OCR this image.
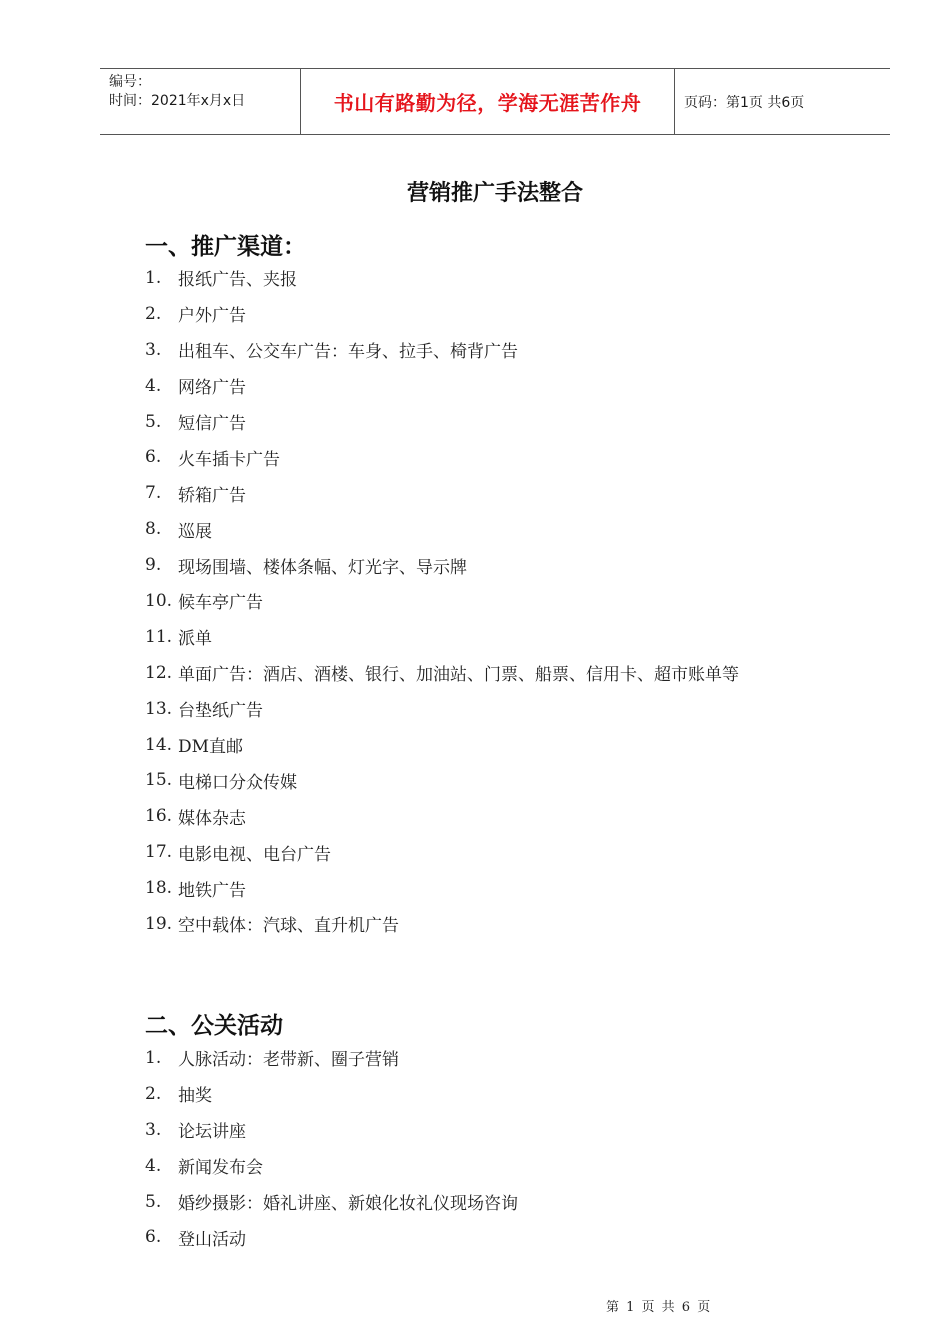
编号：
时间：2021年x月x日	书山有路勤为径，学海无涯苦作舟	页码：第1页 共6页
营销推广手法整合
一、推广渠道：
1. 报纸广告、夹报
2. 户外广告
3. 出租车、公交车广告：车身、拉手、椅背广告
4. 网络广告
5. 短信广告
6. 火车插卡广告
7. 轿箱广告
8. 巡展
9. 现场围墙、楼体条幅、灯光字、导示牌
10. 候车亭广告
11. 派单
12. 单面广告：酒店、酒楼、银行、加油站、门票、船票、信用卡、超市账单等
13. 台垫纸广告
14. DM直邮
15. 电梯口分众传媒
16. 媒体杂志
17. 电影电视、电台广告
18. 地铁广告
19. 空中载体：汽球、直升机广告
二、公关活动
1. 人脉活动：老带新、圈子营销
2. 抽奖
3. 论坛讲座
4. 新闻发布会
5. 婚纱摄影：婚礼讲座、新娘化妆礼仪现场咨询
6. 登山活动
第 1 页 共 6 页
